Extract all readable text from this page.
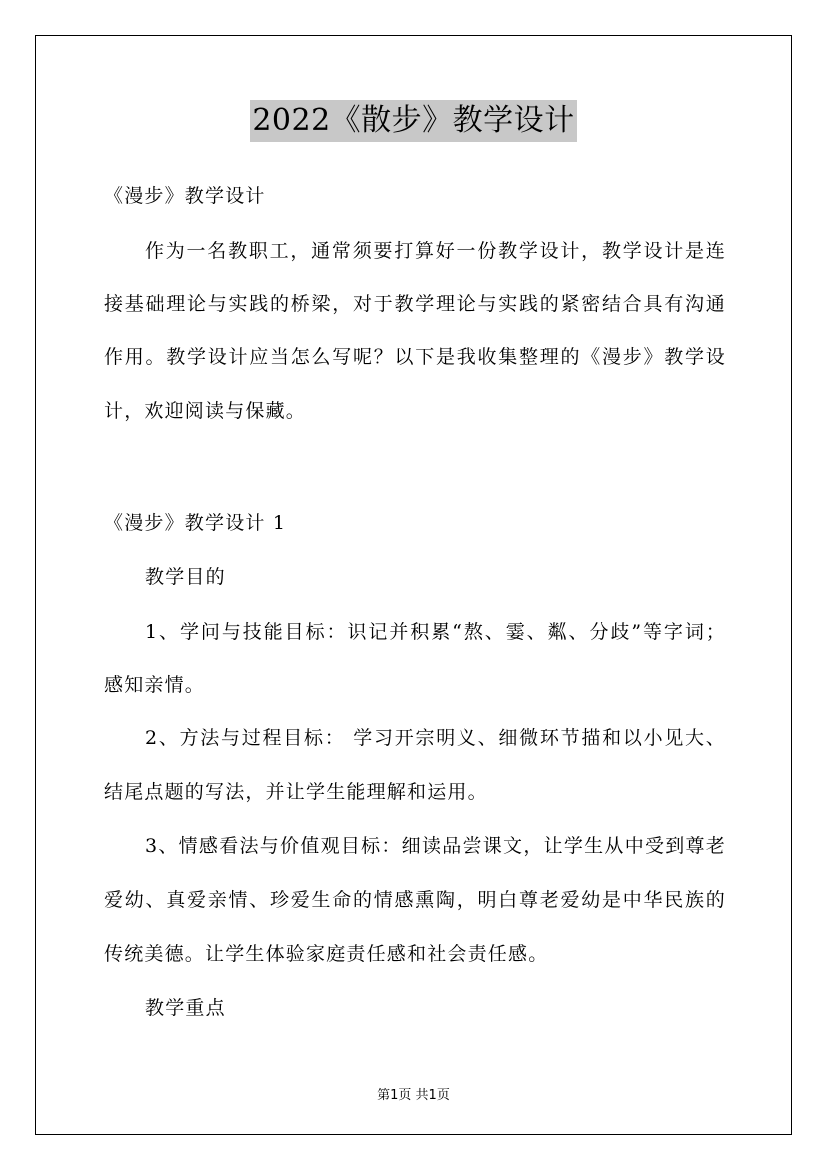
2022《散步》教学设计
《漫步》教学设计
作为一名教职工，通常须要打算好一份教学设计，教学设计是连
接基础理论与实践的桥梁，对于教学理论与实践的紧密结合具有沟通
作用。教学设计应当怎么写呢？以下是我收集整理的《漫步》教学设
计，欢迎阅读与保藏。
《漫步》教学设计 1
教学目的
1、学问与技能目标：识记并积累“熬、霎、粼、分歧”等字词；
感知亲情。
2、方法与过程目标： 学习开宗明义、细微环节描和以小见大、
结尾点题的写法，并让学生能理解和运用。
3、情感看法与价值观目标：细读品尝课文，让学生从中受到尊老
爱幼、真爱亲情、珍爱生命的情感熏陶，明白尊老爱幼是中华民族的
传统美德。让学生体验家庭责任感和社会责任感。
教学重点
第1页 共1页
